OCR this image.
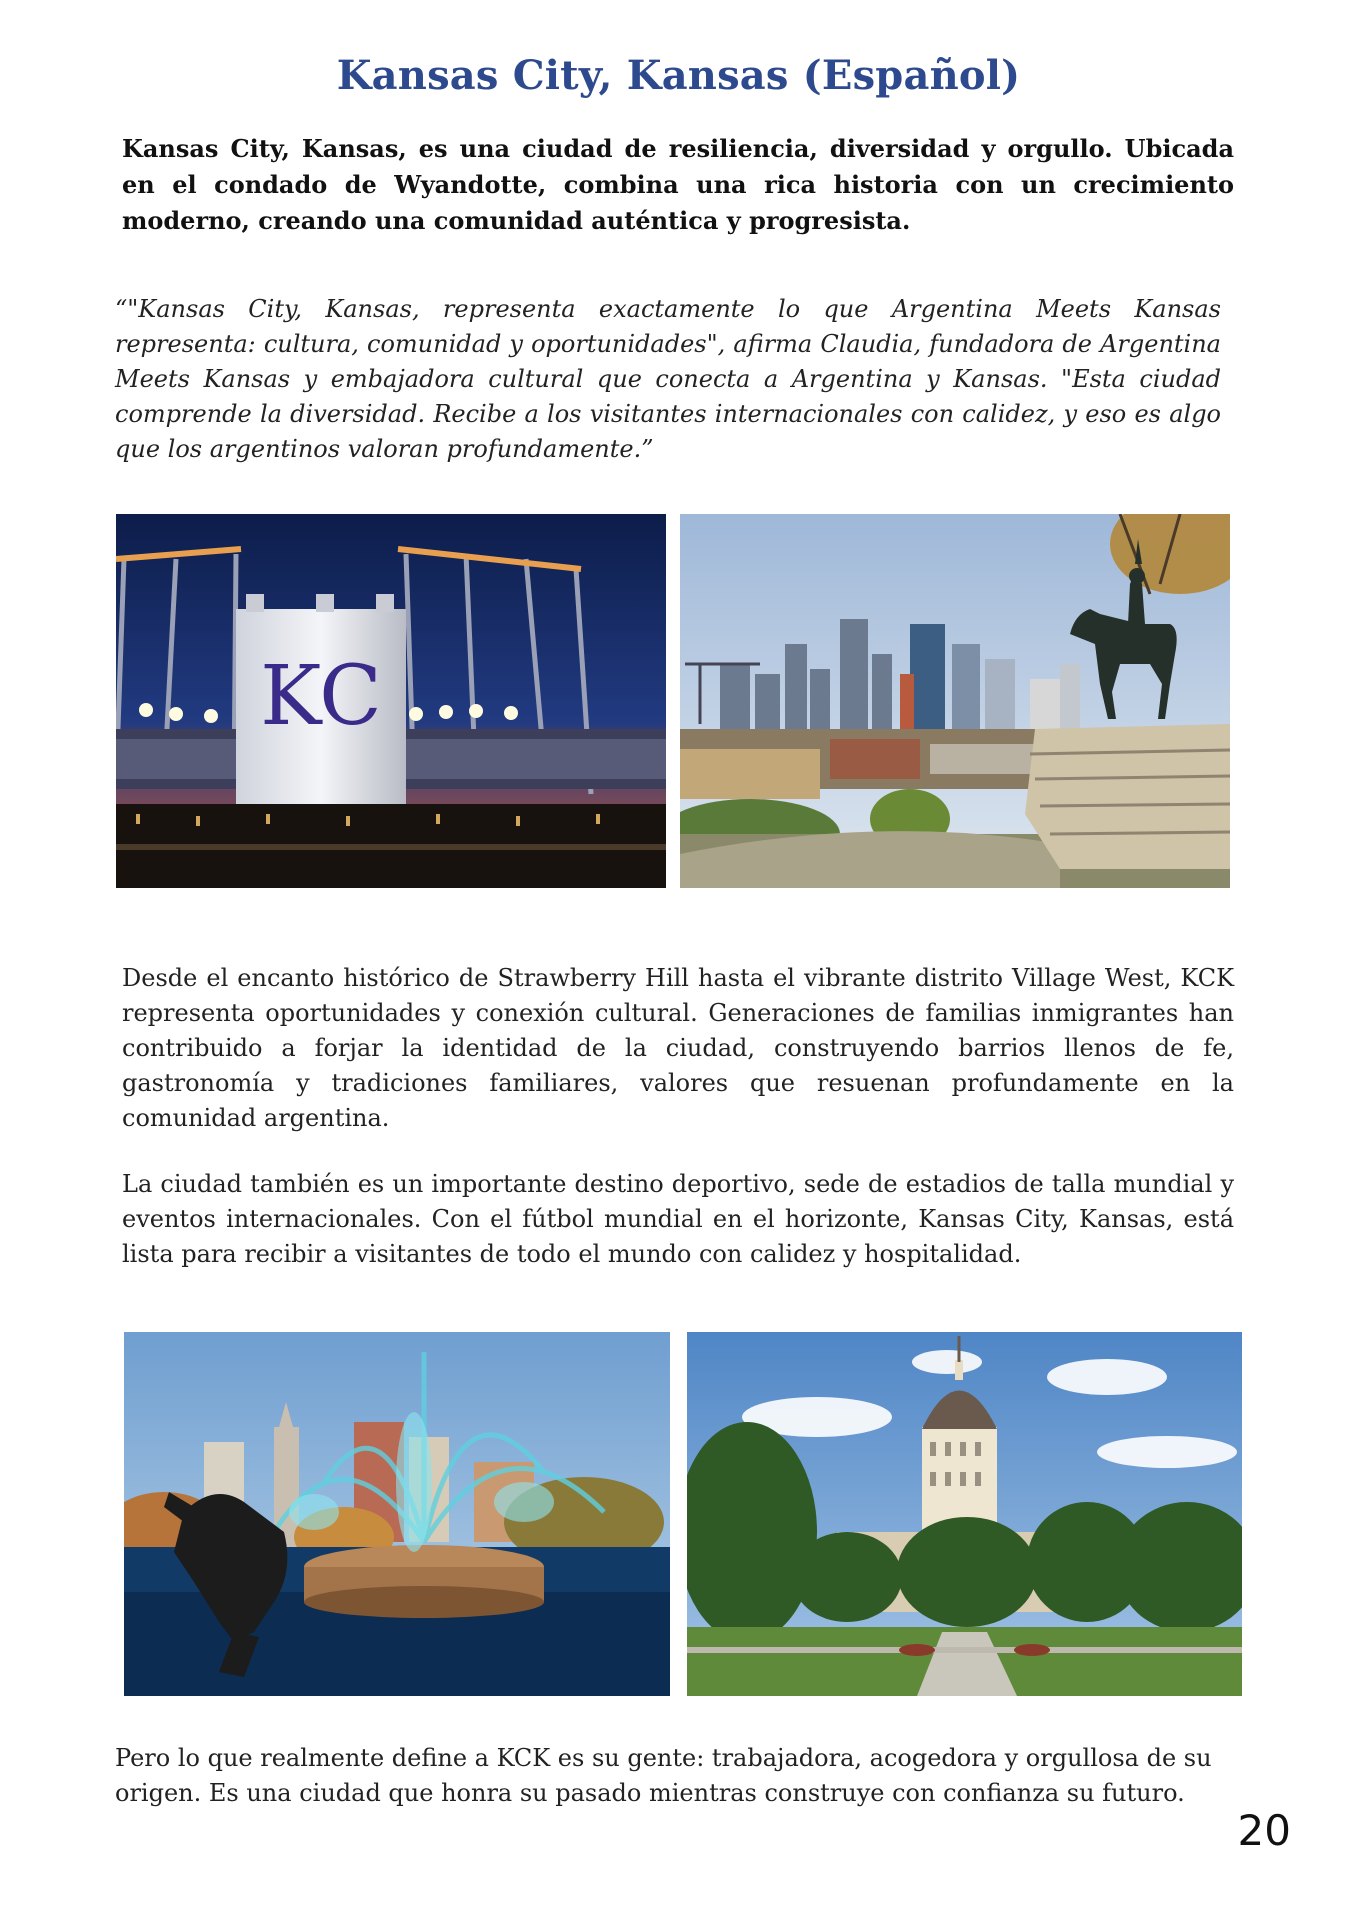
Kansas City, Kansas (Español)
Kansas City, Kansas, es una ciudad de resiliencia, diversidad y orgullo. Ubicada en el condado de Wyandotte, combina una rica historia con un crecimiento moderno, creando una comunidad auténtica y progresista.
“"Kansas City, Kansas, representa exactamente lo que Argentina Meets Kansas representa: cultura, comunidad y oportunidades", afirma Claudia, fundadora de Argentina Meets Kansas y embajadora cultural que conecta a Argentina y Kansas. "Esta ciudad comprende la diversidad. Recibe a los visitantes internacionales con calidez, y eso es algo que los argentinos valoran profundamente.”
KC
Desde el encanto histórico de Strawberry Hill hasta el vibrante distrito Village West, KCK representa oportunidades y conexión cultural. Generaciones de familias inmigrantes han contribuido a forjar la identidad de la ciudad, construyendo barrios llenos de fe, gastronomía y tradiciones familiares, valores que resuenan profundamente en la comunidad argentina.
La ciudad también es un importante destino deportivo, sede de estadios de talla mundial y eventos internacionales. Con el fútbol mundial en el horizonte, Kansas City, Kansas, está lista para recibir a visitantes de todo el mundo con calidez y hospitalidad.
Pero lo que realmente define a KCK es su gente: trabajadora, acogedora y orgullosa de su origen. Es una ciudad que honra su pasado mientras construye con confianza su futuro.
20
